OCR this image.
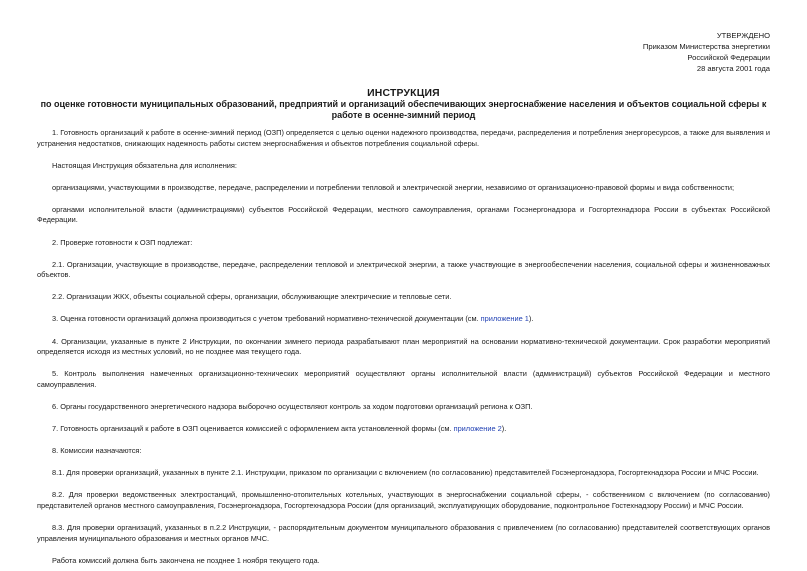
УТВЕРЖДЕНО
Приказом Министерства энергетики
Российской Федерации
28 августа 2001 года
ИНСТРУКЦИЯ
по оценке готовности муниципальных образований, предприятий и организаций обеспечивающих энергоснабжение населения и объектов социальной сферы к
работе в осенне-зимний период

1. Готовность организаций к работе в осенне-зимний период (ОЗП) определяется с целью оценки надежного производства, передачи, распределения и потребления энергоресурсов, а также для выявления и устранения недостатков, снижающих надежность работы систем энергоснабжения и объектов потребления социальной сферы.

Настоящая Инструкция обязательна для исполнения:

организациями, участвующими в производстве, передаче, распределении и потреблении тепловой и электрической энергии, независимо от организационно-правовой формы и вида собственности;

органами исполнительной власти (администрациями) субъектов Российской Федерации, местного самоуправления, органами Госэнергонадзора и Госгортехнадзора России в субъектах Российской Федерации.

2. Проверке готовности к ОЗП подлежат:

2.1. Организации, участвующие в производстве, передаче, распределении тепловой и электрической энергии, а также участвующие в энергообеспечении населения, социальной сферы и жизненноважных объектов.

2.2. Организации ЖКХ, объекты социальной сферы, организации, обслуживающие электрические и тепловые сети.

3. Оценка готовности организаций должна производиться с учетом требований нормативно-технической документации (см. приложение 1).

4. Организации, указанные в пункте 2 Инструкции, по окончании зимнего периода разрабатывают план мероприятий на основании нормативно-технической документации. Срок разработки мероприятий определяется исходя из местных условий, но не позднее мая текущего года.

5. Контроль выполнения намеченных организационно-технических мероприятий осуществляют органы исполнительной власти (администраций) субъектов Российской Федерации и местного самоуправления.

6. Органы государственного энергетического надзора выборочно осуществляют контроль за ходом подготовки организаций региона к ОЗП.

7. Готовность организаций к работе в ОЗП оценивается комиссией с оформлением акта установленной формы (см. приложение 2).

8. Комиссии назначаются:

8.1. Для проверки организаций, указанных в пункте 2.1. Инструкции, приказом по организации с включением (по согласованию) представителей Госэнергонадзора, Госгортехнадзора России и МЧС России.

8.2. Для проверки ведомственных электростанций, промышленно-отопительных котельных, участвующих в энергоснабжении социальной сферы, - собственником с включением (по согласованию) представителей органов местного самоуправления, Госэнергонадзора, Госгортехнадзора России (для организаций, эксплуатирующих оборудование, подконтрольное Гостехнадзору России) и МЧС России.

8.3. Для проверки организаций, указанных в п.2.2 Инструкции, - распорядительным документом муниципального образования с привлечением (по согласованию) представителей соответствующих органов управления муниципального образования и местных органов МЧС.

Работа комиссий должна быть закончена не позднее 1 ноября текущего года.
